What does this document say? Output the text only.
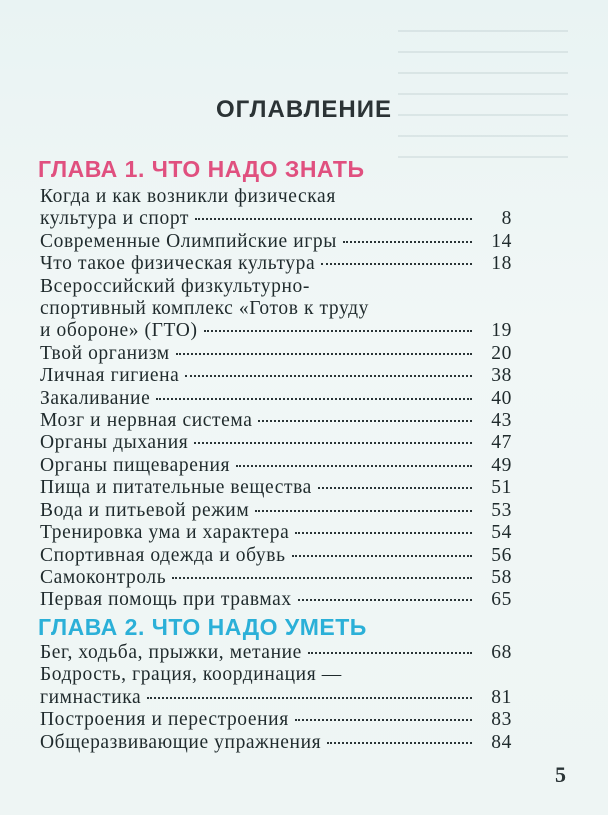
ОГЛАВЛЕНИЕ
ГЛАВА 1. ЧТО НАДО ЗНАТЬ
Когда и как возникли физическая
культура и спорт	8
Современные Олимпийские игры	14
Что такое физическая культура	18
Всероссийский физкультурно-
спортивный комплекс «Готов к труду
и обороне» (ГТО)	19
Твой организм	20
Личная гигиена	38
Закаливание	40
Мозг и нервная система	43
Органы дыхания	47
Органы пищеварения	49
Пища и питательные вещества	51
Вода и питьевой режим	53
Тренировка ума и характера	54
Спортивная одежда и обувь	56
Самоконтроль	58
Первая помощь при травмах	65
ГЛАВА 2. ЧТО НАДО УМЕТЬ
Бег, ходьба, прыжки, метание	68
Бодрость, грация, координация —
гимнастика	81
Построения и перестроения	83
Общеразвивающие упражнения	84
5
